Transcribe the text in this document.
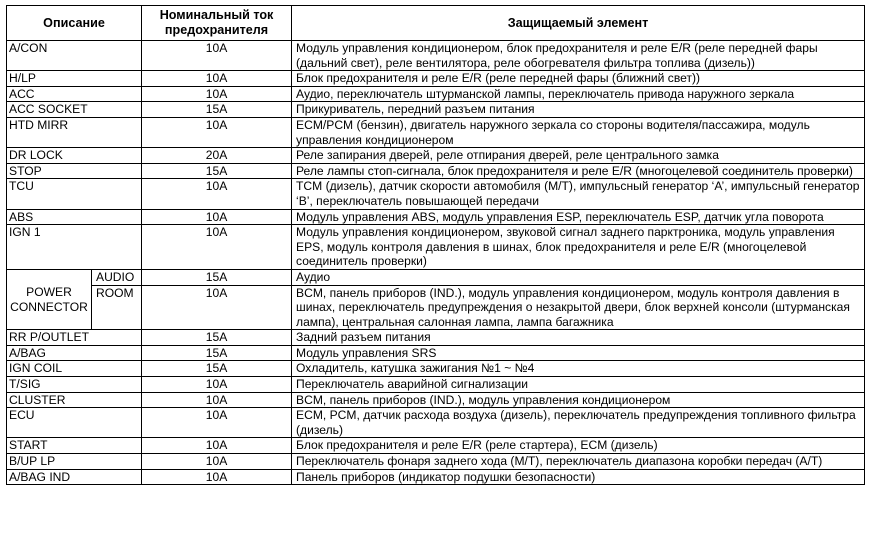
Описание		Номинальный ток предохранителя	Защищаемый элемент
A/CON		10A	Модуль управления кондиционером, блок предохранителя и реле E/R (реле передней фары (дальний свет), реле вентилятора, реле обогревателя фильтра топлива (дизель))
H/LP		10A	Блок предохранителя и реле E/R (реле передней фары (ближний свет))
ACC		10A	Аудио, переключатель штурманской лампы, переключатель привода наружного зеркала
ACC SOCKET		15A	Прикуриватель, передний разъем питания
HTD MIRR		10A	ECM/PCM (бензин), двигатель наружного зеркала со стороны водителя/пассажира, модуль управления кондиционером
DR LOCK		20A	Реле запирания дверей, реле отпирания дверей, реле центрального замка
STOP		15A	Реле лампы стоп-сигнала, блок предохранителя и реле E/R (многоцелевой соединитель проверки)
TCU		10A	TCM (дизель), датчик скорости автомобиля (M/T), импульсный генератор ‘A’, импульсный генератор ‘B’, переключатель повышающей передачи
ABS		10A	Модуль управления ABS, модуль управления ESP, переключатель ESP, датчик угла поворота
IGN 1		10A	Модуль управления кондиционером, звуковой сигнал заднего парктроника, модуль управления EPS, модуль контроля давления в шинах, блок предохранителя и реле E/R (многоцелевой соединитель проверки)
POWER CONNECTOR	AUDIO	15A	Аудио
	ROOM	10A	BCM, панель приборов (IND.), модуль управления кондиционером, модуль контроля давления в шинах, переключатель предупреждения о незакрытой двери, блок верхней консоли (штурманская лампа), центральная салонная лампа, лампа багажника
RR P/OUTLET		15A	Задний разъем питания
A/BAG		15A	Модуль управления SRS
IGN COIL		15A	Охладитель, катушка зажигания №1 ~ №4
T/SIG		10A	Переключатель аварийной сигнализации
CLUSTER		10A	BCM, панель приборов (IND.), модуль управления кондиционером
ECU		10A	ECM, PCM, датчик расхода воздуха (дизель), переключатель предупреждения топливного фильтра (дизель)
START		10A	Блок предохранителя и реле E/R (реле стартера), ECM (дизель)
B/UP LP		10A	Переключатель фонаря заднего хода (M/T), переключатель диапазона коробки передач (A/T)
A/BAG IND		10A	Панель приборов (индикатор подушки безопасности)
